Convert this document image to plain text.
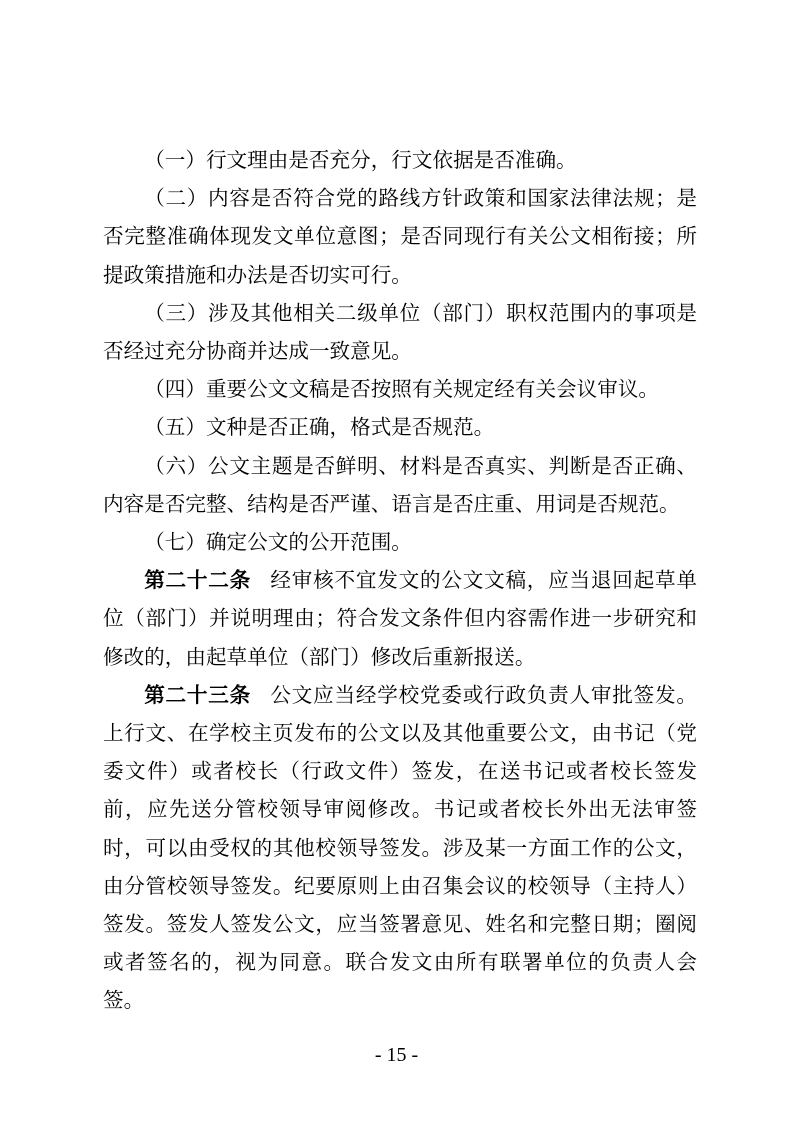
（一）行文理由是否充分，行文依据是否准确。

（二）内容是否符合党的路线方针政策和国家法律法规；是否完整准确体现发文单位意图；是否同现行有关公文相衔接；所提政策措施和办法是否切实可行。

（三）涉及其他相关二级单位（部门）职权范围内的事项是否经过充分协商并达成一致意见。

（四）重要公文文稿是否按照有关规定经有关会议审议。

（五）文种是否正确，格式是否规范。

（六）公文主题是否鲜明、材料是否真实、判断是否正确、内容是否完整、结构是否严谨、语言是否庄重、用词是否规范。

（七）确定公文的公开范围。

第二十二条 经审核不宜发文的公文文稿，应当退回起草单位（部门）并说明理由；符合发文条件但内容需作进一步研究和修改的，由起草单位（部门）修改后重新报送。

第二十三条 公文应当经学校党委或行政负责人审批签发。上行文、在学校主页发布的公文以及其他重要公文，由书记（党委文件）或者校长（行政文件）签发，在送书记或者校长签发前，应先送分管校领导审阅修改。书记或者校长外出无法审签时，可以由受权的其他校领导签发。涉及某一方面工作的公文，由分管校领导签发。纪要原则上由召集会议的校领导（主持人）签发。签发人签发公文，应当签署意见、姓名和完整日期；圈阅或者签名的，视为同意。联合发文由所有联署单位的负责人会签。

- 15 -
